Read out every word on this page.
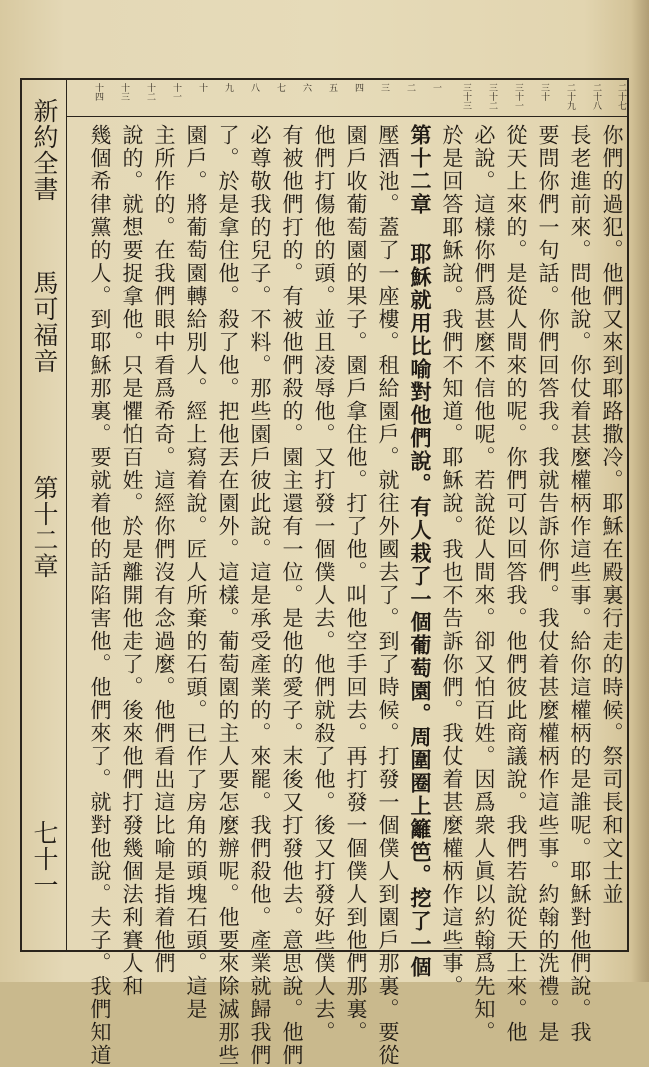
新約全書
馬可福音
第十二章
七十一
二十七
二十八
二十九
三十
三十一
三十二
三十三
一
二
三
四
五
六
七
八
九
十
十一
十二
十三
十四
你們的過犯。他們又來到耶路撒冷。耶穌在殿裏行走的時候。祭司長和文士並
長老進前來。問他說。你仗着甚麼權柄作這些事。給你這權柄的是誰呢。耶穌對他們說。我
要問你們一句話。你們回答我。我就告訴你們。我仗着甚麼權柄作這些事。約翰的洗禮。是
從天上來的。是從人間來的呢。你們可以回答我。他們彼此商議說。我們若說從天上來。他
必說。這樣你們爲甚麼不信他呢。若說從人間來。卻又怕百姓。因爲衆人眞以約翰爲先知。
於是回答耶穌說。我們不知道。耶穌說。我也不告訴你們。我仗着甚麼權柄作這些事。
第十二章 耶穌就用比喻對他們說。有人栽了一個葡萄園。周圍圈上籬笆。挖了一個
壓酒池。蓋了一座樓。租給園戶。就往外國去了。到了時候。打發一個僕人到園戶那裏。要從
園戶收葡萄園的果子。園戶拿住他。打了他。叫他空手回去。再打發一個僕人到他們那裏。
他們打傷他的頭。並且凌辱他。又打發一個僕人去。他們就殺了他。後又打發好些僕人去。
有被他們打的。有被他們殺的。園主還有一位。是他的愛子。末後又打發他去。意思說。他們
必尊敬我的兒子。不料。那些園戶彼此說。這是承受產業的。來罷。我們殺他。產業就歸我們
了。於是拿住他。殺了他。把他丟在園外。這樣。葡萄園的主人要怎麼辦呢。他要來除滅那些
園戶。將葡萄園轉給別人。經上寫着說。匠人所棄的石頭。已作了房角的頭塊石頭。這是
主所作的。在我們眼中看爲希奇。這經你們沒有念過麼。他們看出這比喻是指着他們
說的。就想要捉拿他。只是懼怕百姓。於是離開他走了。後來他們打發幾個法利賽人和
幾個希律黨的人。到耶穌那裏。要就着他的話陷害他。他們來了。就對他說。夫子。我們知道
